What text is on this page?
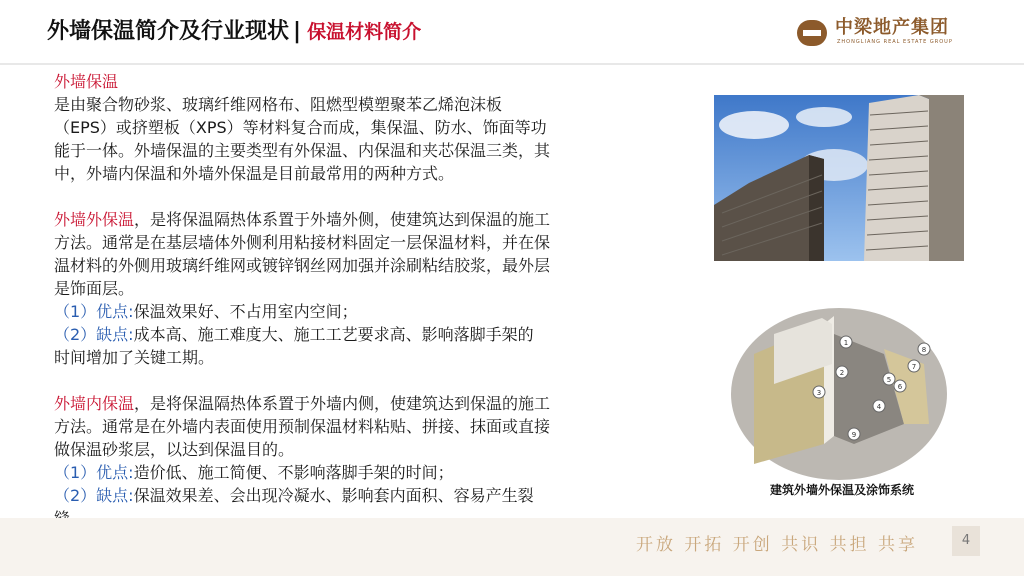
外墙保温简介及行业现状 | 保温材料简介	中梁地产集团
ZHONGLIANG REAL ESTATE GROUP

外墙保温

是由聚合物砂浆、玻璃纤维网格布、阻燃型模塑聚苯乙烯泡沫板

（EPS）或挤塑板（XPS）等材料复合而成，集保温、防水、饰面等功

能于一体。外墙保温的主要类型有外保温、内保温和夹芯保温三类，其

中，外墙内保温和外墙外保温是目前最常用的两种方式。

外墙外保温，是将保温隔热体系置于外墙外侧，使建筑达到保温的施工

方法。通常是在基层墙体外侧利用粘接材料固定一层保温材料，并在保

温材料的外侧用玻璃纤维网或镀锌钢丝网加强并涂刷粘结胶浆，最外层

是饰面层。

（1）优点:保温效果好、不占用室内空间；

（2）缺点:成本高、施工难度大、施工工艺要求高、影响落脚手架的

时间增加了关键工期。

外墙内保温，是将保温隔热体系置于外墙内侧，使建筑达到保温的施工

方法。通常是在外墙内表面使用预制保温材料粘贴、拼接、抹面或直接

做保温砂浆层，以达到保温目的。

（1）优点:造价低、施工简便、不影响落脚手架的时间；

（2）缺点:保温效果差、会出现冷凝水、影响套内面积、容易产生裂

1
2
3
4
5
6
7
8
9
建筑外墙外保温及涂饰系统
开放 开拓 开创 共识 共担 共享	4
